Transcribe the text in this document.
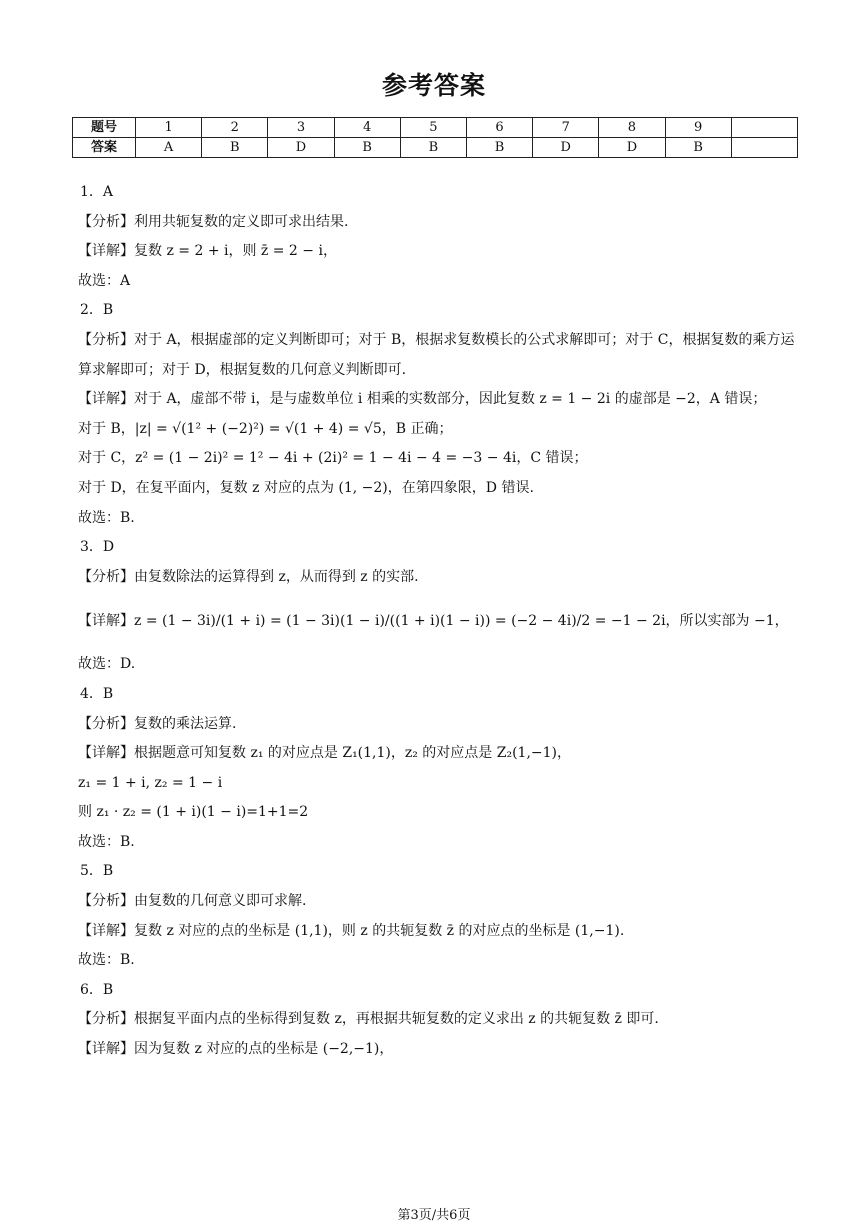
参考答案
题号	1	2	3	4	5	6	7	8	9	
答案	A	B	D	B	B	B	D	D	B	
1．A
【分析】利用共轭复数的定义即可求出结果.
【详解】复数 z = 2 + i，则 z̄ = 2 − i，
故选：A
2．B
【分析】对于 A，根据虚部的定义判断即可；对于 B，根据求复数模长的公式求解即可；对于 C，根据复数的乘方运算求解即可；对于 D，根据复数的几何意义判断即可.
【详解】对于 A，虚部不带 i，是与虚数单位 i 相乘的实数部分，因此复数 z = 1 − 2i 的虚部是 −2，A 错误；
对于 B，|z| = √(1² + (−2)²) = √(1 + 4) = √5，B 正确；
对于 C，z² = (1 − 2i)² = 1² − 4i + (2i)² = 1 − 4i − 4 = −3 − 4i，C 错误；
对于 D，在复平面内，复数 z 对应的点为 (1, −2)，在第四象限，D 错误.
故选：B.
3．D
【分析】由复数除法的运算得到 z，从而得到 z 的实部.
【详解】z = (1 − 3i)/(1 + i) = (1 − 3i)(1 − i)/((1 + i)(1 − i)) = (−2 − 4i)/2 = −1 − 2i，所以实部为 −1，
故选：D.
4．B
【分析】复数的乘法运算.
【详解】根据题意可知复数 z₁ 的对应点是 Z₁(1,1)，z₂ 的对应点是 Z₂(1,−1)，
z₁ = 1 + i, z₂ = 1 − i
则 z₁ · z₂ = (1 + i)(1 − i)=1+1=2
故选：B.
5．B
【分析】由复数的几何意义即可求解.
【详解】复数 z 对应的点的坐标是 (1,1)，则 z 的共轭复数 z̄ 的对应点的坐标是 (1,−1).
故选：B.
6．B
【分析】根据复平面内点的坐标得到复数 z，再根据共轭复数的定义求出 z 的共轭复数 z̄ 即可.
【详解】因为复数 z 对应的点的坐标是 (−2,−1)，
第3页/共6页
